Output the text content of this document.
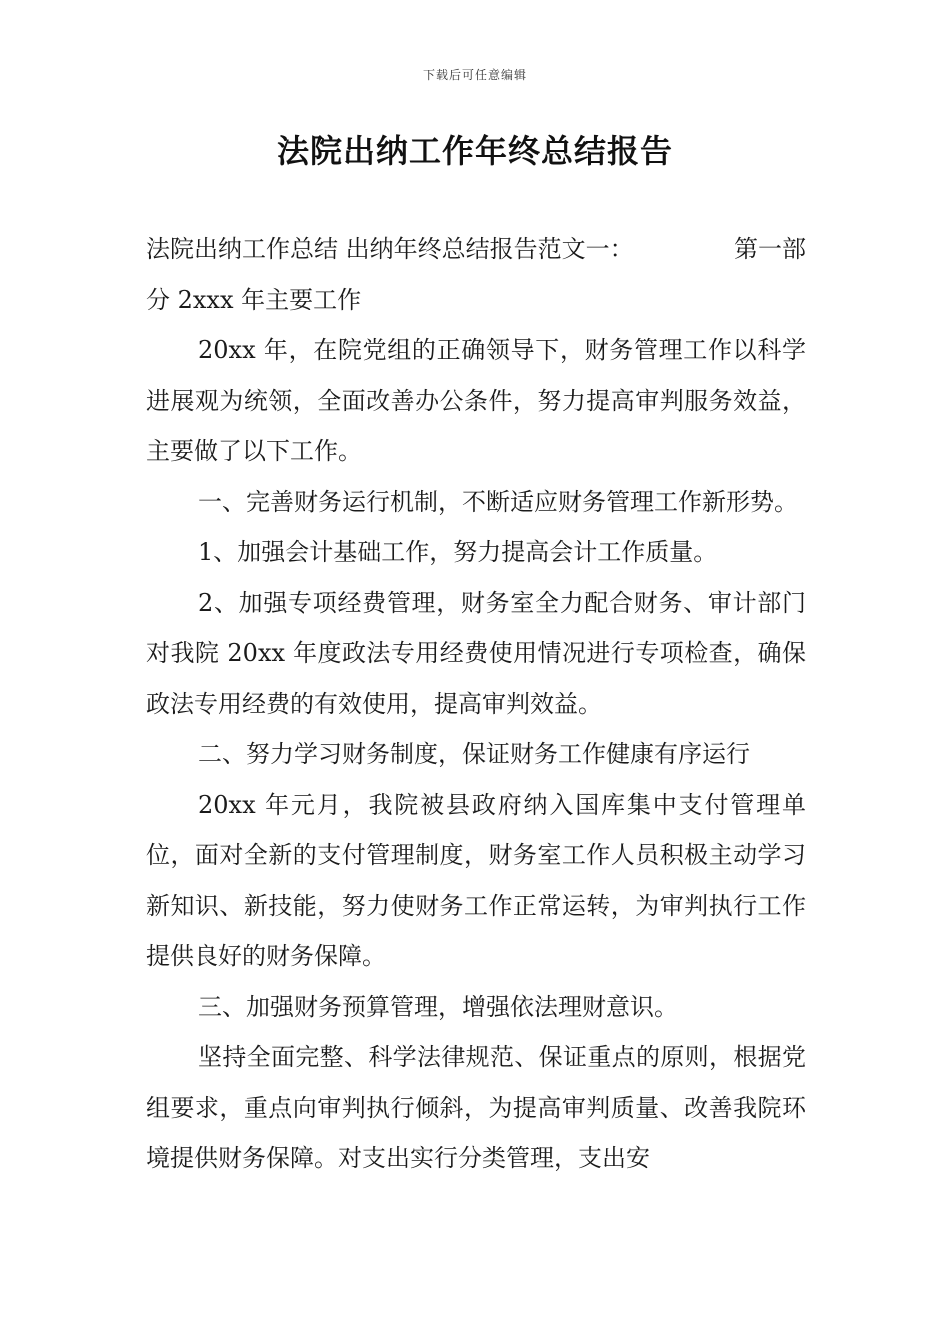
下载后可任意编辑
法院出纳工作年终总结报告
法院出纳工作总结 出纳年终总结报告范文一：	第一部

分 2xxx 年主要工作

20xx 年，在院党组的正确领导下，财务管理工作以科学进展观为统领，全面改善办公条件，努力提高审判服务效益，主要做了以下工作。

一、完善财务运行机制，不断适应财务管理工作新形势。

1、加强会计基础工作，努力提高会计工作质量。

2、加强专项经费管理，财务室全力配合财务、审计部门对我院 20xx 年度政法专用经费使用情况进行专项检查，确保政法专用经费的有效使用，提高审判效益。

二、努力学习财务制度，保证财务工作健康有序运行

20xx 年元月，我院被县政府纳入国库集中支付管理单位，面对全新的支付管理制度，财务室工作人员积极主动学习新知识、新技能，努力使财务工作正常运转，为审判执行工作提供良好的财务保障。

三、加强财务预算管理，增强依法理财意识。

坚持全面完整、科学法律规范、保证重点的原则，根据党组要求，重点向审判执行倾斜，为提高审判质量、改善我院环境提供财务保障。对支出实行分类管理，支出安
